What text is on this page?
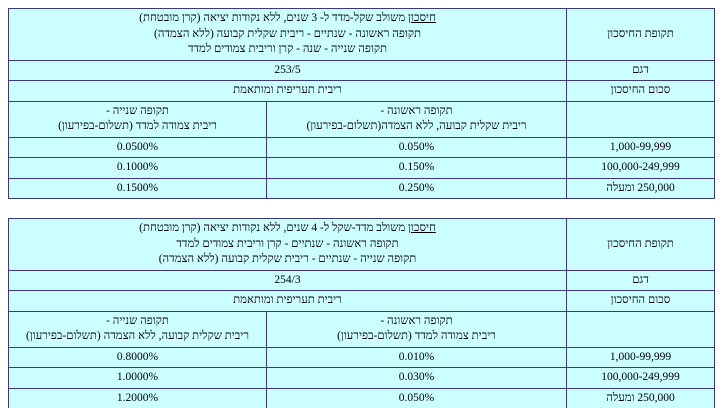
תקופת החיסכון	חיסכון משולב שקל-מדד ל- 3 שנים, ללא נקודות יציאה (קרן מובטחת)
תקופה ראשונה - שנתיים - ריבית שקלית קבועה (ללא הצמדה)
תקופה שנייה - שנה - קרן וריבית צמודים למדד	

דגם	253/5	
סכום החיסכון	ריבית תעריפית ומותאמת	

תקופה ראשונה -
ריבית שקלית קבועה, ללא הצמדה(תשלום-בפירעון)

תקופה שנייה -
ריבית צמודה למדד (תשלום-בפירעון)

1,000-99,999	0.050%	0.0500%
100,000-249,999	0.150%	0.1000%
250,000 ומעלה	0.250%	0.1500%
תקופת החיסכון	חיסכון משולב מדד-שקל ל- 4 שנים, ללא נקודות יציאה (קרן מובטחת)
תקופה ראשונה - שנתיים - קרן וריבית צמודים למדד
תקופה שנייה - שנתיים - ריבית שקלית קבועה (ללא הצמדה)	

דגם	254/3	
סכום החיסכון	ריבית תעריפית ומותאמת	

תקופה ראשונה -
ריבית צמודה למדד (תשלום-בפירעון)

תקופה שנייה -
ריבית שקלית קבועה, ללא הצמדה (תשלום-בפירעון)

1,000-99,999	0.010%	0.8000%
100,000-249,999	0.030%	1.0000%
250,000 ומעלה	0.050%	1.2000%
